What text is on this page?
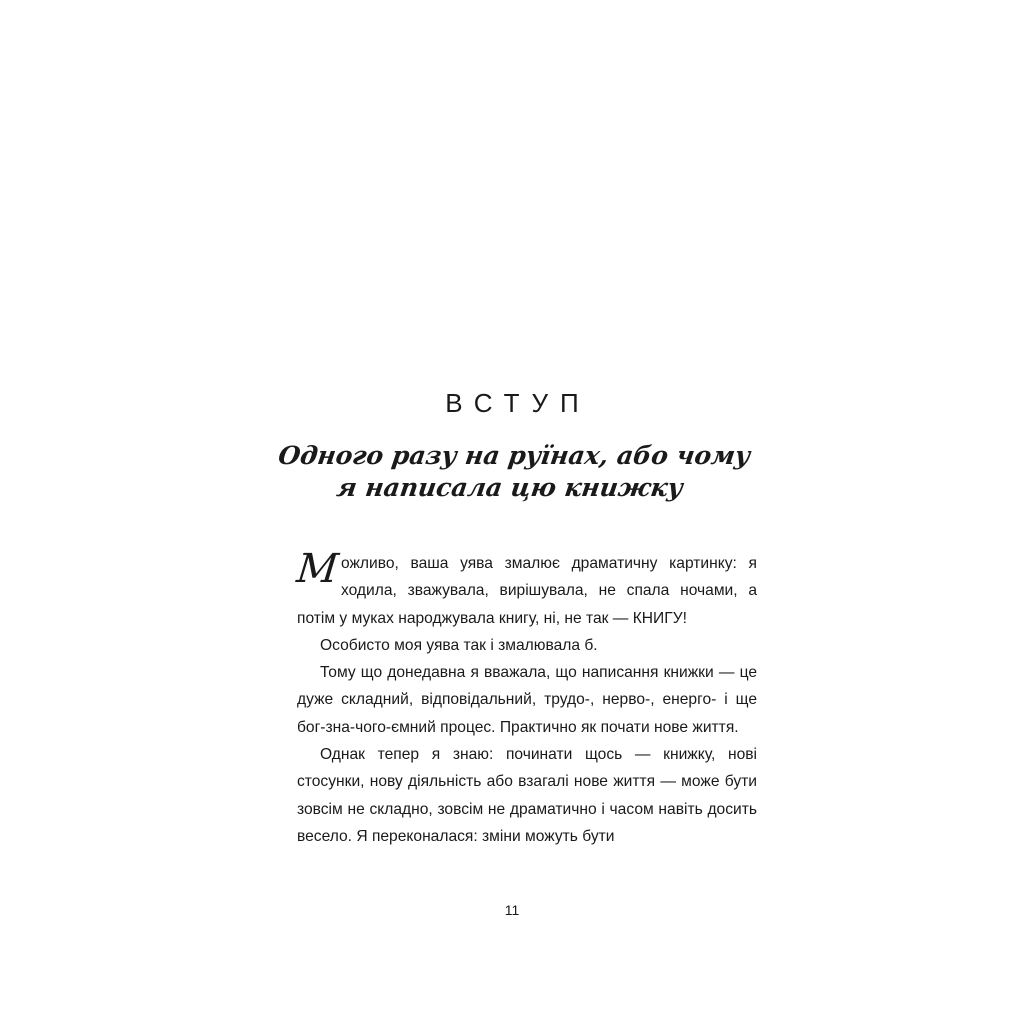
ВСТУП
Одного разу на руїнах, або чому
я написала цю книжку

Можливо, ваша уява змалює драматичну картинку: я ходила, зважувала, вирішувала, не спала ночами, а потім у муках народжувала книгу, ні, не так — КНИГУ!

Особисто моя уява так і змалювала б.

Тому що донедавна я вважала, що написання книжки — це дуже складний, відповідальний, трудо-, нерво-, енерго- і ще бог-зна-чого-ємний процес. Практично як почати нове життя.

Однак тепер я знаю: починати щось — книжку, нові стосунки, нову діяльність або взагалі нове життя — може бути зовсім не складно, зовсім не драматично і часом навіть досить весело. Я переконалася: зміни можуть бути

11
